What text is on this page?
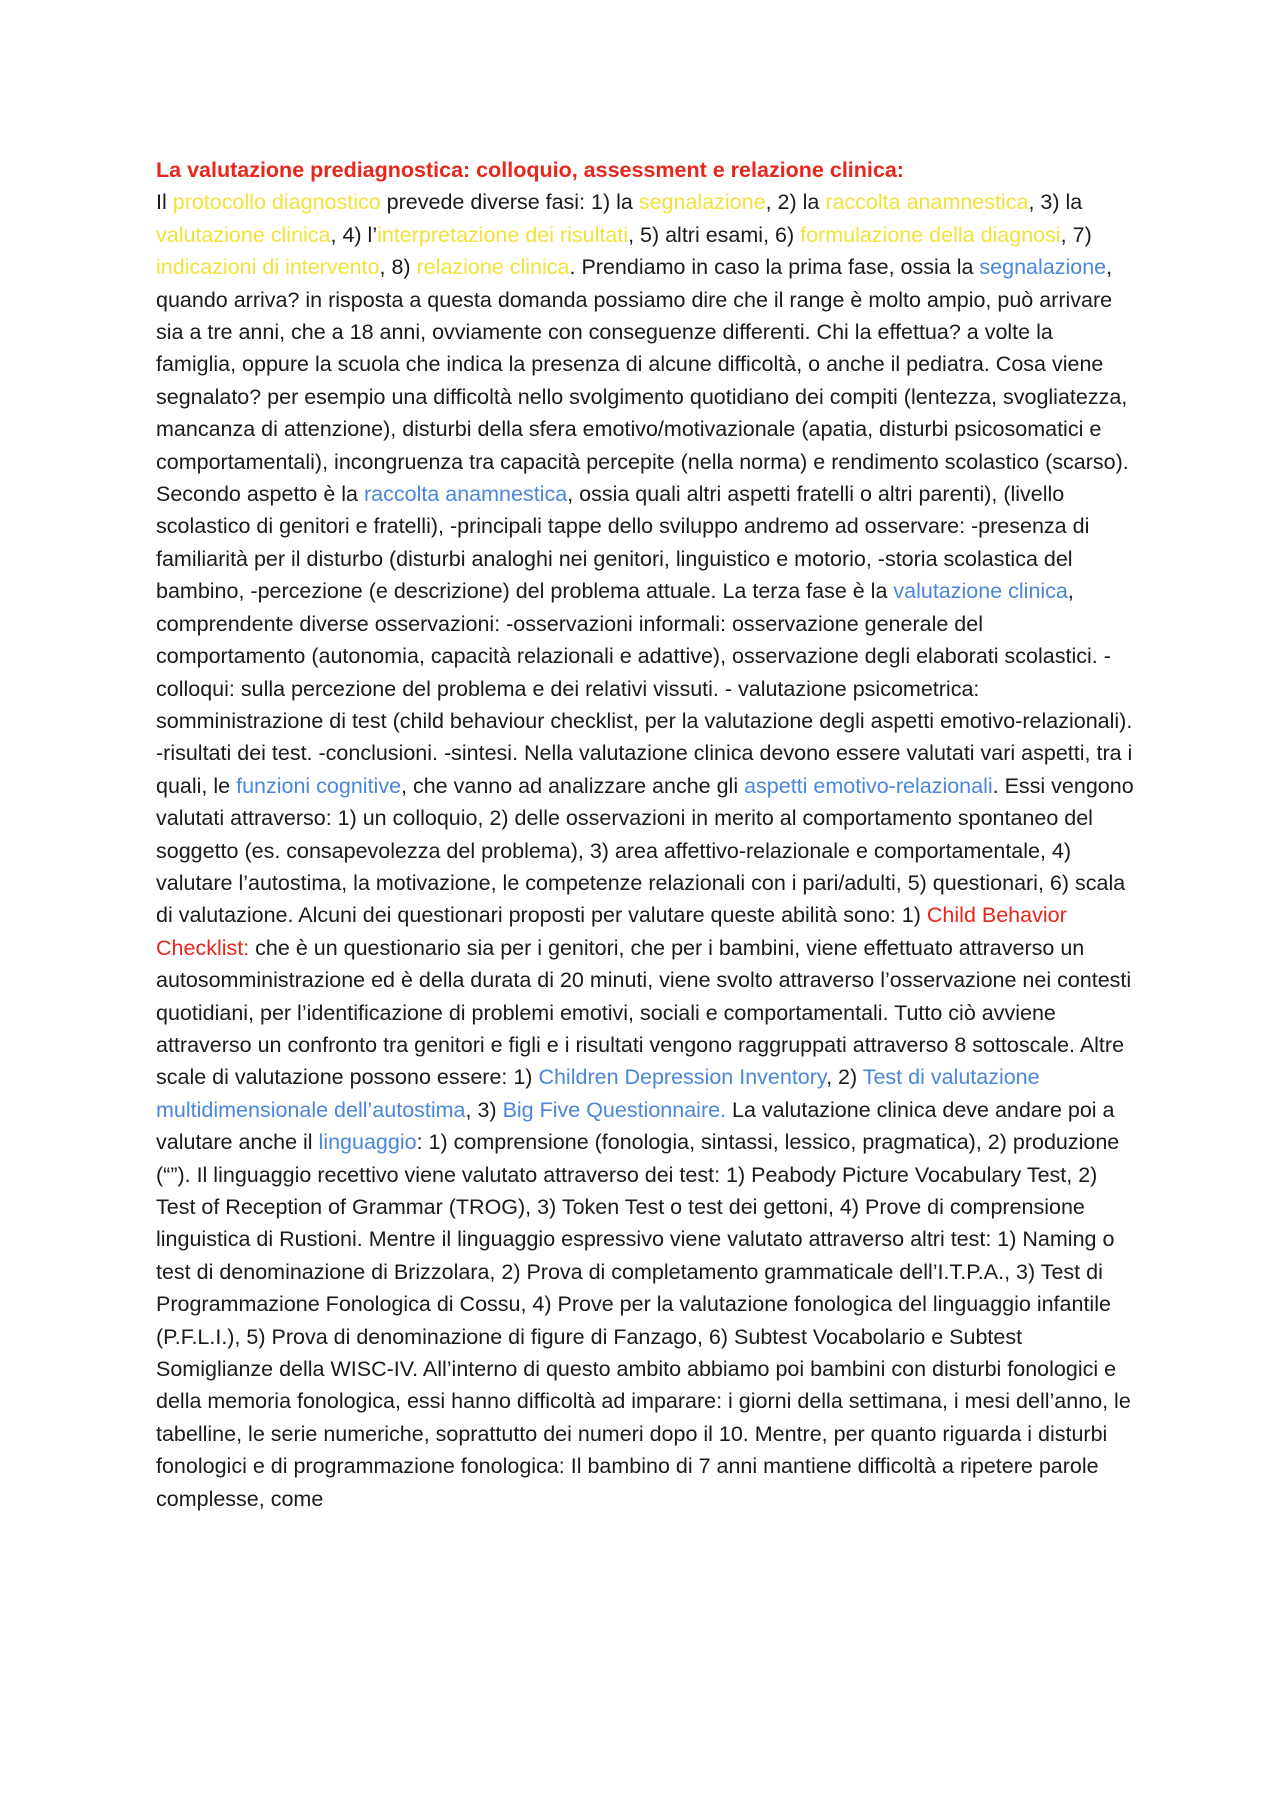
La valutazione prediagnostica: colloquio, assessment e relazione clinica:

Il protocollo diagnostico prevede diverse fasi: 1) la segnalazione, 2) la raccolta anamnestica, 3) la valutazione clinica, 4) l’interpretazione dei risultati, 5) altri esami, 6) formulazione della diagnosi, 7) indicazioni di intervento, 8) relazione clinica. Prendiamo in caso la prima fase, ossia la segnalazione, quando arriva? in risposta a questa domanda possiamo dire che il range è molto ampio, può arrivare sia a tre anni, che a 18 anni, ovviamente con conseguenze differenti. Chi la effettua? a volte la famiglia, oppure la scuola che indica la presenza di alcune difficoltà, o anche il pediatra. Cosa viene segnalato? per esempio una difficoltà nello svolgimento quotidiano dei compiti (lentezza, svogliatezza, mancanza di attenzione), disturbi della sfera emotivo/motivazionale (apatia, disturbi psicosomatici e comportamentali), incongruenza tra capacità percepite (nella norma) e rendimento scolastico (scarso). Secondo aspetto è la raccolta anamnestica, ossia quali altri aspetti fratelli o altri parenti), (livello scolastico di genitori e fratelli), -principali tappe dello sviluppo andremo ad osservare: -presenza di familiarità per il disturbo (disturbi analoghi nei genitori, linguistico e motorio, -storia scolastica del bambino, -percezione (e descrizione) del problema attuale. La terza fase è la valutazione clinica, comprendente diverse osservazioni: -osservazioni informali: osservazione generale del comportamento (autonomia, capacità relazionali e adattive), osservazione degli elaborati scolastici. -colloqui: sulla percezione del problema e dei relativi vissuti. - valutazione psicometrica: somministrazione di test (child behaviour checklist, per la valutazione degli aspetti emotivo-relazionali). -risultati dei test. -conclusioni. -sintesi. Nella valutazione clinica devono essere valutati vari aspetti, tra i quali, le funzioni cognitive, che vanno ad analizzare anche gli aspetti emotivo-relazionali. Essi vengono valutati attraverso: 1) un colloquio, 2) delle osservazioni in merito al comportamento spontaneo del soggetto (es. consapevolezza del problema), 3) area affettivo-relazionale e comportamentale, 4) valutare l’autostima, la motivazione, le competenze relazionali con i pari/adulti, 5) questionari, 6) scala di valutazione. Alcuni dei questionari proposti per valutare queste abilità sono: 1) Child Behavior Checklist: che è un questionario sia per i genitori, che per i bambini, viene effettuato attraverso un autosomministrazione ed è della durata di 20 minuti, viene svolto attraverso l’osservazione nei contesti quotidiani, per l’identificazione di problemi emotivi, sociali e comportamentali. Tutto ciò avviene attraverso un confronto tra genitori e figli e i risultati vengono raggruppati attraverso 8 sottoscale. Altre scale di valutazione possono essere: 1) Children Depression Inventory, 2) Test di valutazione multidimensionale dell’autostima, 3) Big Five Questionnaire. La valutazione clinica deve andare poi a valutare anche il linguaggio: 1) comprensione (fonologia, sintassi, lessico, pragmatica), 2) produzione (“”). Il linguaggio recettivo viene valutato attraverso dei test: 1) Peabody Picture Vocabulary Test, 2) Test of Reception of Grammar (TROG), 3) Token Test o test dei gettoni, 4) Prove di comprensione linguistica di Rustioni. Mentre il linguaggio espressivo viene valutato attraverso altri test: 1) Naming o test di denominazione di Brizzolara, 2) Prova di completamento grammaticale dell’I.T.P.A., 3) Test di Programmazione Fonologica di Cossu, 4) Prove per la valutazione fonologica del linguaggio infantile (P.F.L.I.), 5) Prova di denominazione di figure di Fanzago, 6) Subtest Vocabolario e Subtest Somiglianze della WISC-IV. All’interno di questo ambito abbiamo poi bambini con disturbi fonologici e della memoria fonologica, essi hanno difficoltà ad imparare: i giorni della settimana, i mesi dell’anno, le tabelline, le serie numeriche, soprattutto dei numeri dopo il 10. Mentre, per quanto riguarda i disturbi fonologici e di programmazione fonologica: Il bambino di 7 anni mantiene difficoltà a ripetere parole complesse, come
